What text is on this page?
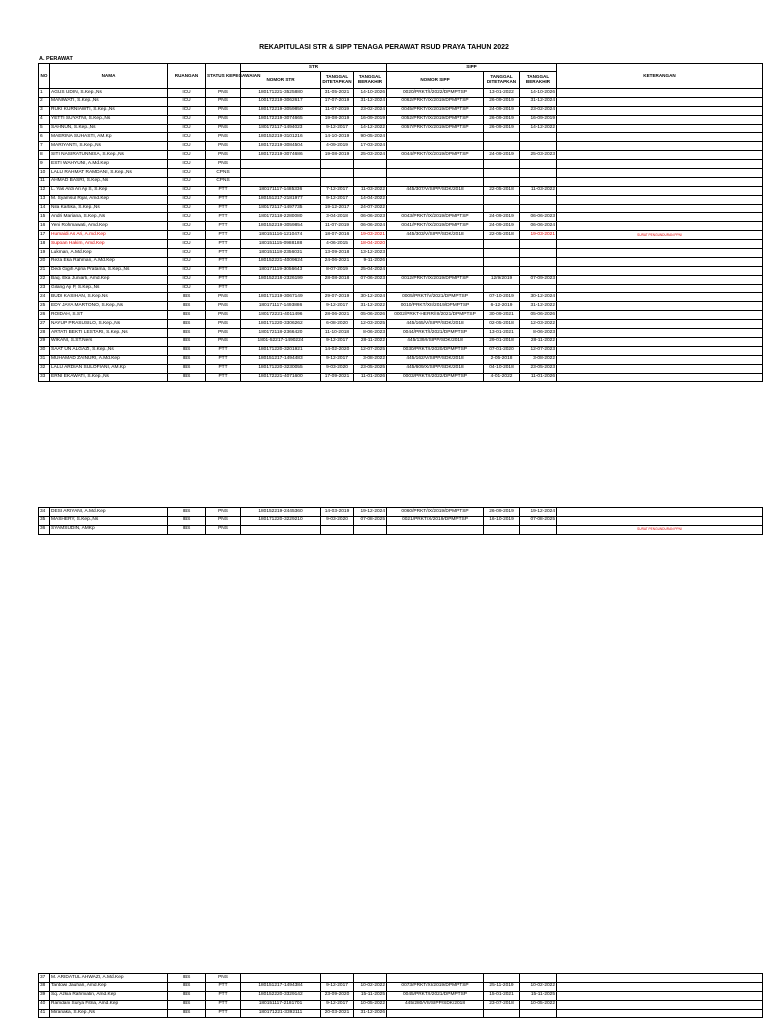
REKAPITULASI STR & SIPP TENAGA PERAWAT RSUD PRAYA TAHUN 2022
A. PERAWAT
NO	NAMA	RUANGAN	STATUS KEPEGAWAIAN	STR			SIPP			KETERANGAN
				NOMOR STR	TANGGAL DITETAPKAN	TANGGAL BERAKHIR	NOMOR SIPP	TANGGAL DITETAPKAN	TANGGAL BERAKHIR	
1	AGUS UDIN, S.Kep.,Ns	ICU	PNS	180171221-3525880	31-05-2021	14-10-2026	0020/PRKT/I/2022/DPMPTSP	13-01-2022	14-10-2026	
2	MANIWATI, S.Kep.,Ns	ICU	PNS	100172219-3062617	17-07-2019	31-12-2024	0062/PRKT/IX/2019/DPMPTSP	26-09-2019	31-12-2024	
3	RUKI KURNIAWTI, S.Kep.,Ns	ICU	PNS	180172219-3059850	11-07-2019	23-02-2024	0045/PRKT/IX/2019/DPMPTSP	24-09-2019	23-02-2024	
4	YETTI SUYATNI, S.Kep.,Ns	ICU	PNS	180172219-3074665	19-08-2019	16-09-2019	0052/PRKT/IX/2019/DPMPTSP	26-09-2019	16-09-2019	
5	SAHNUN, S.Kep.,Ns	ICU	PNS	180172117-1494023	9-12-2017	14-12-2022	0057/PRKT/IX/2019/DPMPTSP	26-09-2019	14-12-2022	
6	MAERINA SUHASTI, AM.Kp	ICU	PNS	180152219-3101216	14-10-2019	90-05-2024				
7	MARIYANTI, S.Kep.,Ns	ICU	PNS	180172219-3084504	4-09-2019	17-03-2024				
8	SITI NASIRATUNNISA, S.Kep.,Ns	ICU	PNS	180172219-3074686	19-08-2019	25-03-2024	0044/PRKT/IX/2019/DPMPTSP	24-09-2019	25-03-2023	
9	ESTI WAHYUNI, A.Md.Kep	ICU	PNS							
10	LALU RAHMAT RAMDANI, S.Kep.,Ns	ICU	CPNS							
11	AHMAD BASRI, S.Kep.,Ns	ICU	CPNS							
12	L. Yas Ardi Ari Aji S, S.Kep	ICU	PTT	180171117-1485336	7-12-2017	11-03-2022	445/307/V/SIPP/SDK/2018	22-05-2018	11-03-2022	
13	M. Syamsul Rijal, Amd.Kep	ICU	PTT	180151217-2181977	9-12-2017	14-04-2022				
14	Nila Kartika, S.Kep.,Ns	ICU	PTT	180172117-1497735	19-12-2017	24-07-2022				
15	Andri Mariana, S.Kep.,Ns	ICU	PTT	180172118-2280080	3-04-2018	06-06-2023	0043/PRKT/IX/2019/DPMPTSP	24-09-2019	06-06-2023	
16	Yeni Rohmawati, Amd.Kep	ICU	PTT	180152219-3059854	11-07-2019	06-06-2024	0041/PRKT/IX/2019/DPMPTSP	24-09-2019	06-06-2024	
17	Humaidi As Ari, A.md.Kep	ICU	PTT	180151116-1210474	18-07-2016	19-03-2021	445/303/V/SIPP/SDK/2018	22-05-2018	19-03-2021	SURAT PENGUNDURAN PPNI
18	Supoan Hakim, Amd.Kep	ICU	PTT	180151115-0988188	4-06-2015	18-04-2020				
19	Lukman, A.Md.Kep	ICU	PTT	180151118-2356031	13-09-2018	13-12-2023				
20	Reza Eka Rahman, A.Md.Kep	ICU	PTT	180152221-4009624	24-06-2021	9-11-2026				
21	Dedi Gigih Apria Pratama, S.Kep.,Ns	ICU	PTT	180171119-3056643	8-07-2019	25-04-2024				
22	Baq. Eka Juniarti, Amd.Kep	ICU	PTT	180152218-2326199	28-08-2018	07-06-2023	0012/PRKT/IX/2019/DPMPTSP	12/9/2019	07-09-2023	
23	Gilang Aji P, S.Kep.,Ns	ICU	PTT							
24	BUDI KASIHAN, S.Kep.Ns	IBS	PNS	180171219-3067149	29-07-2019	30-12-2024	0005/PRKT/V/2021/DPMPTSP	07-10-2019	30-12-2024	
25	EDY JAYA MARTONO, S.Kep.,Ns	IBS	PNS	180171117-1493886	9-12-2017	31-12-2022	0010/PRKT/XII/2019/DPMPTSP	6-12-2019	31-12-2022	
26	ROIDAH, S.ST	IBS	PNS	180172221-4011496	28-06-2021	05-06-2026	0002/PRKT-HERR/III/2021/DPMPTSP	30-09-2021	05-06-2026	
27	NAYUP PRASUSILO, S.Kep.,Ns	IBS	PNS	180171220-3306262	6-08-2020	12-03-2025	445/165/V/SIPP/SDK/2018	02-05-2018	12-03-2022	
28	ARTATI BEKTI LESTARI, S.Kep.,Ns	IBS	PNS	180172118-2366420	11-10-2018	8-06-2023	0044/PRKT/I/2021/DPMPTSP	13-01-2021	8-06-2023	
29	WIKANI, S.ST.Ners	IBS	PNS	1801-52217-1490224	9-12-2017	28-11-2022	445/139/I/SIPP/SDK/2018	29-01-2018	28-11-2022	
30	SAAT UN ALGAZI, S.Kep.,Ns	IBS	PTT	180171220-3201921	14-02-2020	12-07-2025	0030/PRKT/I/2020/DPMPTSP	07-01-2020	12-07-2023	
31	MUHAMAD ZAINURI, A.Md.Kep	IBS	PTT	180151217-1494483	9-12-2017	3-08-2022	445/162/V/SIPP/SDK/2018	2-05-2018	3-08-2022	
32	LALU ARDIAN SULOFIANI, AM.Kp	IBS	PTT	180171220-3230055	9-03-2020	23-05-2025	445/609/X/SIPP/SDK/2018	04-10-2018	23-05-2023	
33	ERNI EKAWATI, S.Kep.,Ns	IBS	PTT	180172221-4071600	17-09-2021	11-01-2026	0003/PRKT/I/2022/DPMPTSP	4-01-2022	11-01-2026	
34	DESI ARIYANI, A.Md.Kep	IBS	PNS	180152219-2445360	14-03-2019	19-12-2024	0060/PRKT/IX/2019/DPMPTSP	26-09-2019	19-12-2024	
35	MASHERY, S.Kep.,Ns	IBS	PNS	180171220-3229210	9-03-2020	07-08-2025	0021/PRKT/X/2019/DPMPTSP	16-10-2019	07-08-2025	
36	SYAMSUDIN, AMKp	IBS	PNS							SURAT PENGUNDURAN PPNI
37	M. ARIDATUL AHWAZI, A.Md.Kep	IBS	PNS							
38	Tantowi Jauhari, Amd.Kep	IBS	PTT	180151217-1494384	9-12-2017	10-02-2022	0073/PRKT/XI/2019/DPMPTSP	25-11-2019	10-02-2022	
39	Sq. Azkia Rahmiatin, Amd.Kep	IBS	PTT	180152220-3329142	23-09-2020	15-11-2025	0045/PRKT/I/2021/DPMPTSP	15-01-2021	15-11-2025	
40	Ramdani Surya Fitria, Amd.Kep	IBS	PTT	180151117-2181701	9-12-2017	10-05-2022	445/280/VII/SIPP/SDK/2018	23-07-2018	10-05-2022	
41	Miranaka, S.Kep.,Ns	IBS	PTT	180171221-3392111	20-03-2021	31-12-2026				
